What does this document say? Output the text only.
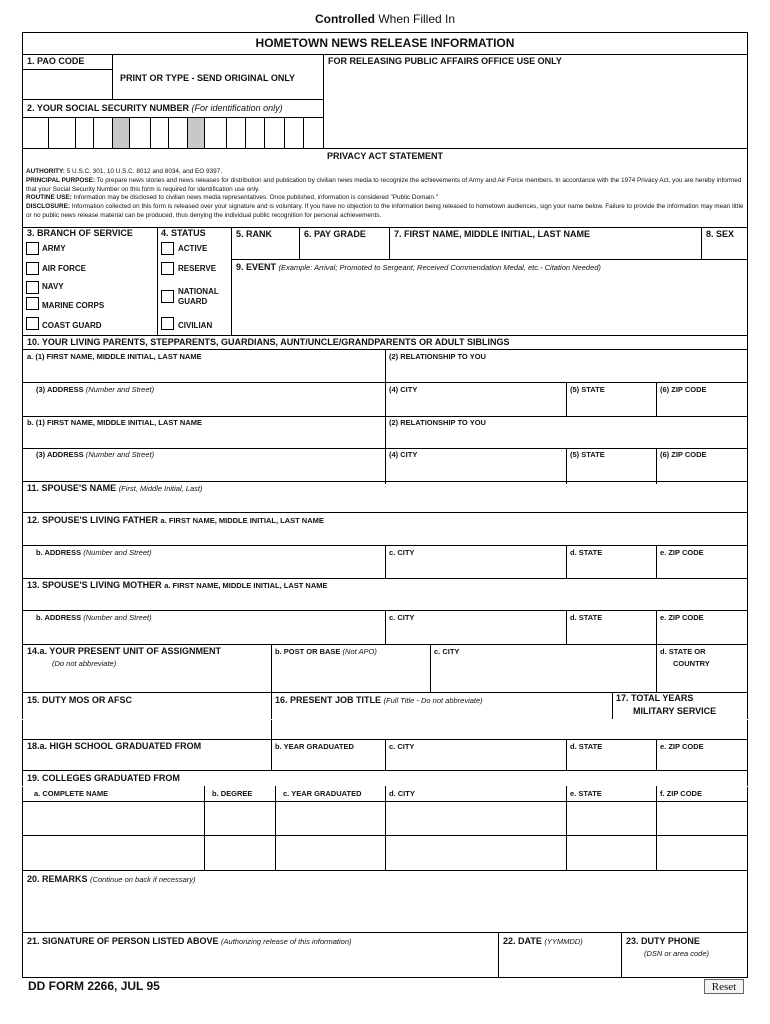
Controlled When Filled In
HOMETOWN NEWS RELEASE INFORMATION
1. PAO CODE	FOR RELEASING PUBLIC AFFAIRS OFFICE USE ONLY
PRINT OR TYPE - SEND ORIGINAL ONLY
2. YOUR SOCIAL SECURITY NUMBER (For identification only)
PRIVACY ACT STATEMENT
AUTHORITY: 5 U.S.C. 301, 10 U.S.C. 8012 and 8034, and EO 9397.
PRINCIPAL PURPOSE: To prepare news stories and news releases for distribution and publication by civilian news media to recognize the achievements of Army and Air Force members. In accordance with the 1974 Privacy Act, you are hereby informed that your Social Security Number on this form is required for identification use only.
ROUTINE USE: Information may be disclosed to civilian news media representatives. Once published, information is considered "Public Domain."
DISCLOSURE: Information collected on this form is released over your signature and is voluntary. If you have no objection to the information being released to hometown audiences, sign your name below. Failure to provide the information may mean little or no public news release material can be produced, thus denying the individual public recognition for personal achievements.
3. BRANCH OF SERVICE	4. STATUS	5. RANK	6. PAY GRADE	7. FIRST NAME, MIDDLE INITIAL, LAST NAME	8. SEX
9. EVENT (Example: Arrival; Promoted to Sergeant; Received Commendation Medal, etc.- Citation Needed)
ARMY
AIR FORCE
NAVY
MARINE CORPS
COAST GUARD
ACTIVE
RESERVE
NATIONAL
GUARD
CIVILIAN
10. YOUR LIVING PARENTS, STEPPARENTS, GUARDIANS, AUNT/UNCLE/GRANDPARENTS OR ADULT SIBLINGS
a. (1) FIRST NAME, MIDDLE INITIAL, LAST NAME	(2) RELATIONSHIP TO YOU
(3) ADDRESS (Number and Street)	(4) CITY	(5) STATE	(6) ZIP CODE
b. (1) FIRST NAME, MIDDLE INITIAL, LAST NAME	(2) RELATIONSHIP TO YOU
(3) ADDRESS (Number and Street)	(4) CITY	(5) STATE	(6) ZIP CODE
11. SPOUSE'S NAME (First, Middle Initial, Last)
12. SPOUSE'S LIVING FATHER a. FIRST NAME, MIDDLE INITIAL, LAST NAME
b. ADDRESS (Number and Street)	c. CITY	d. STATE	e. ZIP CODE
13. SPOUSE'S LIVING MOTHER a. FIRST NAME, MIDDLE INITIAL, LAST NAME
b. ADDRESS (Number and Street)	c. CITY	d. STATE	e. ZIP CODE
14.a. YOUR PRESENT UNIT OF ASSIGNMENT
(Do not abbreviate)
b. POST OR BASE (Not APO)	c. CITY	d. STATE OR
COUNTRY
15. DUTY MOS OR AFSC	16. PRESENT JOB TITLE (Full Title - Do not abbreviate)	17. TOTAL YEARS
MILITARY SERVICE
18.a. HIGH SCHOOL GRADUATED FROM	b. YEAR GRADUATED	c. CITY	d. STATE	e. ZIP CODE
19. COLLEGES GRADUATED FROM
a. COMPLETE NAME	b. DEGREE	c. YEAR GRADUATED	d. CITY	e. STATE	f. ZIP CODE
20. REMARKS (Continue on back if necessary)
21. SIGNATURE OF PERSON LISTED ABOVE (Authorizing release of this information)	22. DATE (YYMMDD)	23. DUTY PHONE
(DSN or area code)
DD FORM 2266, JUL 95	Reset
